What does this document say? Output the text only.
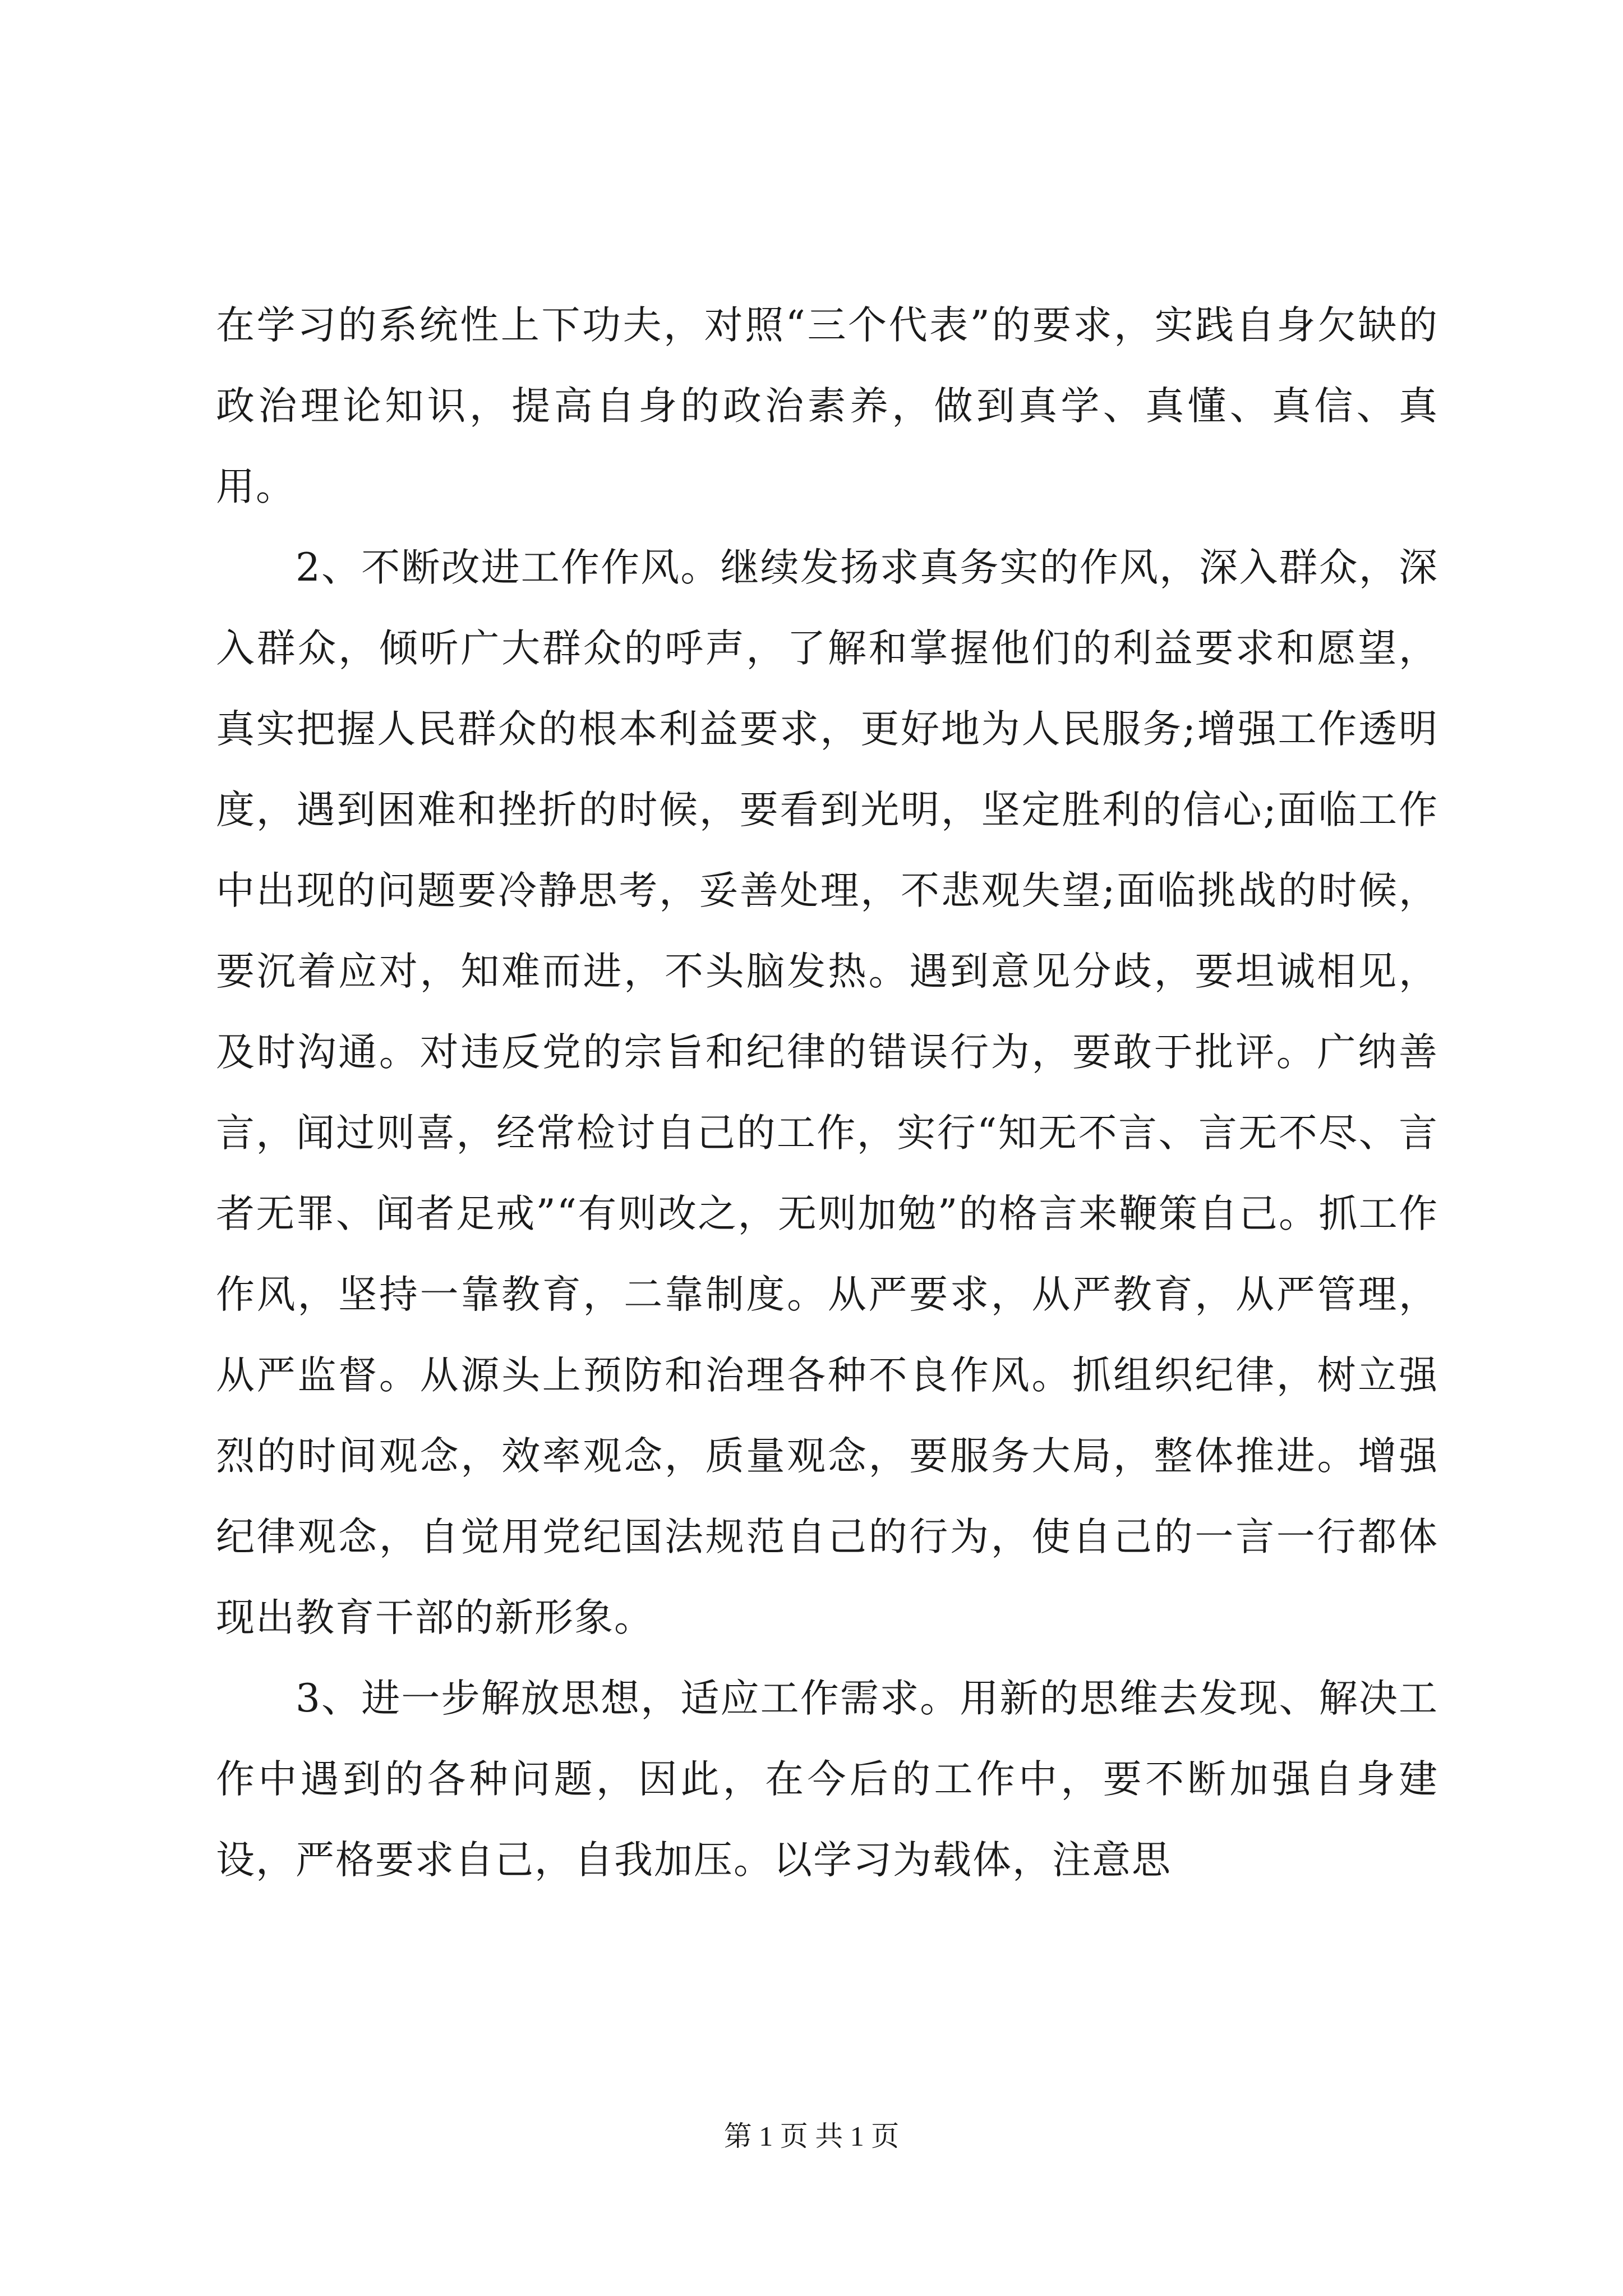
在学习的系统性上下功夫，对照“三个代表”的要求，实践自身欠缺的政治理论知识，提高自身的政治素养，做到真学、真懂、真信、真用。

2、不断改进工作作风。继续发扬求真务实的作风，深入群众，深入群众，倾听广大群众的呼声，了解和掌握他们的利益要求和愿望，真实把握人民群众的根本利益要求，更好地为人民服务;增强工作透明度，遇到困难和挫折的时候，要看到光明，坚定胜利的信心;面临工作中出现的问题要冷静思考，妥善处理，不悲观失望;面临挑战的时候，要沉着应对，知难而进，不头脑发热。遇到意见分歧，要坦诚相见，及时沟通。对违反党的宗旨和纪律的错误行为，要敢于批评。广纳善言，闻过则喜，经常检讨自己的工作，实行“知无不言、言无不尽、言者无罪、闻者足戒”“有则改之，无则加勉”的格言来鞭策自己。抓工作作风，坚持一靠教育，二靠制度。从严要求，从严教育，从严管理，从严监督。从源头上预防和治理各种不良作风。抓组织纪律，树立强烈的时间观念，效率观念，质量观念，要服务大局，整体推进。增强纪律观念，自觉用党纪国法规范自己的行为，使自己的一言一行都体现出教育干部的新形象。

3、进一步解放思想，适应工作需求。用新的思维去发现、解决工作中遇到的各种问题，因此，在今后的工作中，要不断加强自身建设，严格要求自己，自我加压。以学习为载体，注意思

第 1 页 共 1 页
